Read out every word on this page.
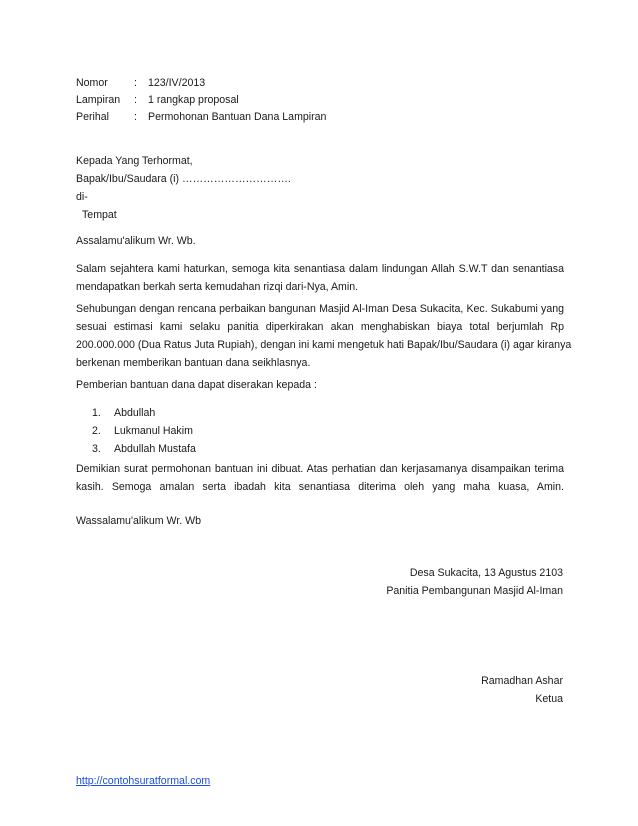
Nomor	:	123/IV/2013
Lampiran	:	1 rangkap proposal
Perihal	:	Permohonan Bantuan Dana Lampiran
Kepada Yang Terhormat,
Bapak/Ibu/Saudara (i) ………………………….
di-
Tempat
Assalamu'alikum Wr. Wb.
Salam sejahtera kami haturkan, semoga kita senantiasa dalam lindungan Allah S.W.T dan senantiasa
mendapatkan berkah serta kemudahan rizqi dari-Nya, Amin.
Sehubungan dengan rencana perbaikan bangunan Masjid Al-Iman Desa Sukacita, Kec. Sukabumi yang
sesuai estimasi kami selaku panitia diperkirakan akan menghabiskan biaya total berjumlah Rp
200.000.000 (Dua Ratus Juta Rupiah), dengan ini kami mengetuk hati Bapak/Ibu/Saudara (i) agar kiranya
berkenan memberikan bantuan dana seikhlasnya.
Pemberian bantuan dana dapat diserakan kepada :
1.	Abdullah
2.	Lukmanul Hakim
3.	Abdullah Mustafa
Demikian surat permohonan bantuan ini dibuat. Atas perhatian dan kerjasamanya disampaikan terima
kasih. Semoga amalan serta ibadah kita senantiasa diterima oleh yang maha kuasa, Amin.
Wassalamu'alikum Wr. Wb
Desa Sukacita, 13 Agustus 2103
Panitia Pembangunan Masjid Al-Iman
Ramadhan Ashar
Ketua
http://contohsuratformal.com
